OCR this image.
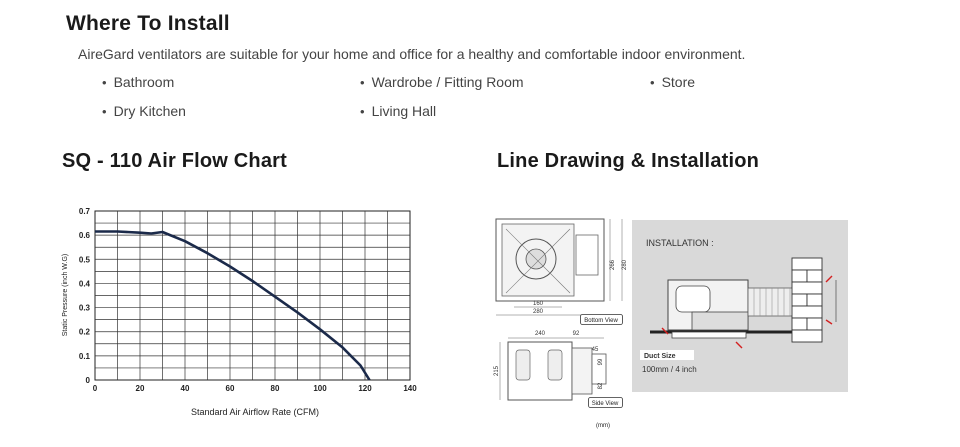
Where To Install
AireGard ventilators are suitable for your home and office for a healthy and comfortable indoor environment.
• Bathroom	• Wardrobe / Fitting Room	• Store
• Dry Kitchen	• Living Hall
SQ - 110 Air Flow Chart	Line Drawing & Installation
0
0.1
0.2
0.3
0.4
0.5
0.6
0.7
0	20	40	60	80	100	120	140
Standard Air Airflow Rate (CFM)
Static Pressure (inch W.G)	266 280
160
280
Bottom View
240	92
215
99
82
45
Side View
(mm)
INSTALLATION :
Duct Size
100mm / 4 inch
